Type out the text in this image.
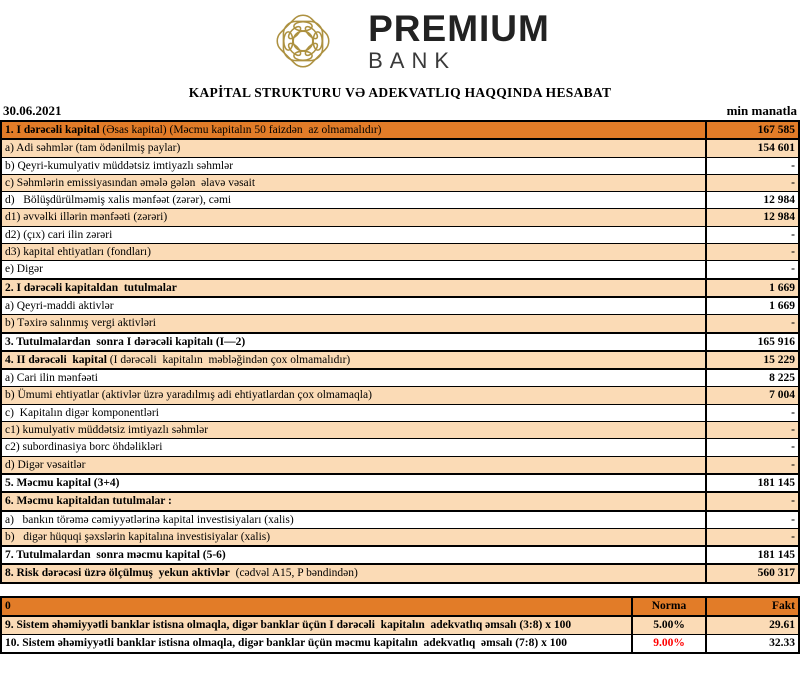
PREMIUM
BANK
KAPİTAL STRUKTURU VƏ ADEKVATLIQ HAQQINDA HESABAT
30.06.2021	min manatla
1. I dərəcəli kapital (Əsas kapital) (Məcmu kapitalın 50 faizdən  az olmamalıdır)	167 585
a) Adi səhmlər (tam ödənilmiş paylar)	154 601
b) Qeyri-kumulyativ müddətsiz imtiyazlı səhmlər	-
c) Səhmlərin emissiyasından əmələ gələn  əlavə vəsait	-
d)   Bölüşdürülməmiş xalis mənfəət (zərər), cəmi	12 984
d1) əvvəlki illərin mənfəəti (zərəri)	12 984
d2) (çıx) cari ilin zərəri	-
d3) kapital ehtiyatları (fondları)	-
e) Digər	-
2. I dərəcəli kapitaldan  tutulmalar	1 669
a) Qeyri-maddi aktivlər	1 669
b) Təxirə salınmış vergi aktivləri	-
3. Tutulmalardan  sonra I dərəcəli kapitalı (I—2)	165 916
4. II dərəcəli  kapital (I dərəcəli  kapitalın  məbləğindən çox olmamalıdır)	15 229
a) Cari ilin mənfəəti	8 225
b) Ümumi ehtiyatlar (aktivlər üzrə yaradılmış adi ehtiyatlardan çox olmamaqla)	7 004
c)  Kapitalın digər komponentləri	-
c1) kumulyativ müddətsiz imtiyazlı səhmlər	-
c2) subordinasiya borc öhdəlikləri	-
d) Digər vəsaitlər	-
5. Məcmu kapital (3+4)	181 145
6. Məcmu kapitaldan tutulmalar :	-
a)   bankın törəmə cəmiyyətlərinə kapital investisiyaları (xalis)	-
b)   digər hüquqi şəxslərin kapitalına investisiyalar (xalis)	-
7. Tutulmalardan  sonra məcmu kapital (5-6)	181 145
8. Risk dərəcəsi üzrə ölçülmuş  yekun aktivlər  (cədvəl A15, P bəndindən)	560 317
0	Norma	Fakt
9. Sistem əhəmiyyətli banklar istisna olmaqla, digər banklar üçün I dərəcəli  kapitalın  adekvatlıq əmsalı (3:8) x 100	5.00%	29.61
10. Sistem əhəmiyyətli banklar istisna olmaqla, digər banklar üçün məcmu kapitalın  adekvatlıq  əmsalı (7:8) x 100	9.00%	32.33
